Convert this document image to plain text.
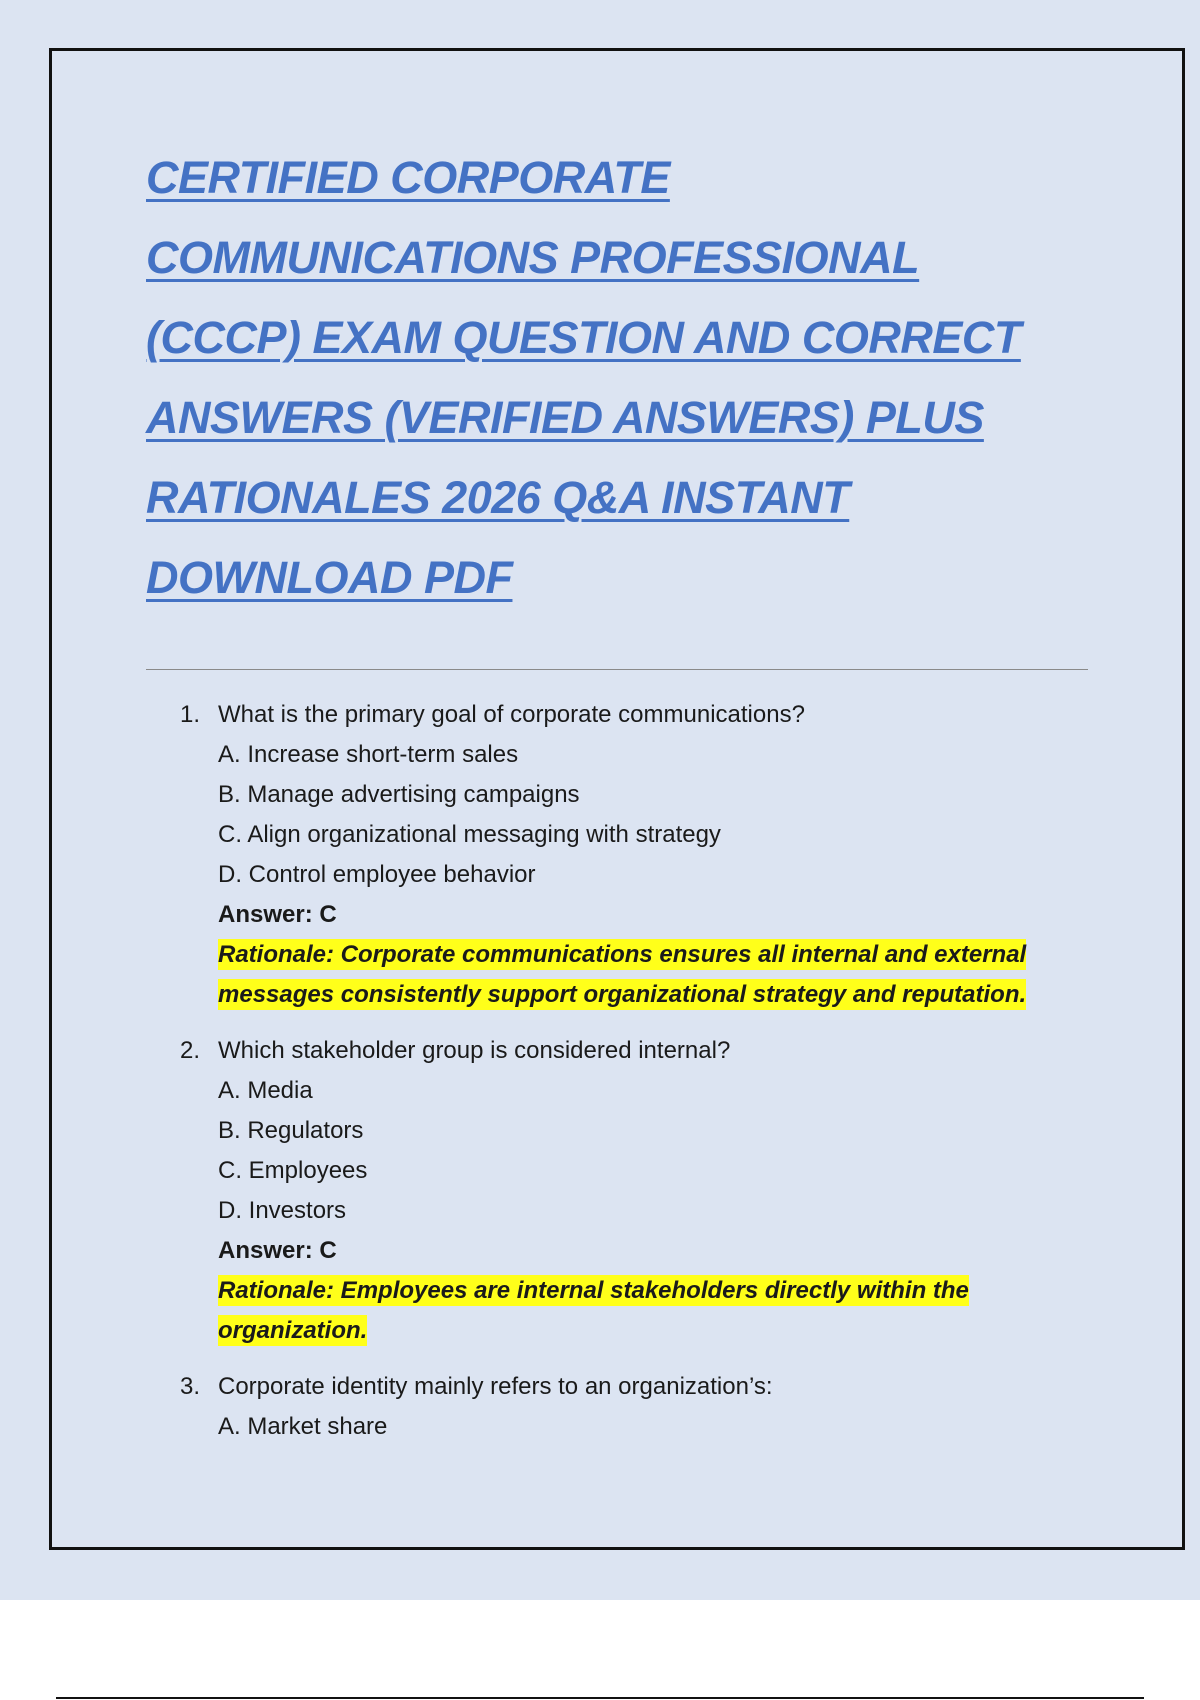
CERTIFIED CORPORATE
COMMUNICATIONS PROFESSIONAL
(CCCP) EXAM QUESTION AND CORRECT
ANSWERS (VERIFIED ANSWERS) PLUS
RATIONALES 2026 Q&A INSTANT
DOWNLOAD PDF
1. What is the primary goal of corporate communications?
A. Increase short-term sales
B. Manage advertising campaigns
C. Align organizational messaging with strategy
D. Control employee behavior
Answer: C
Rationale: Corporate communications ensures all internal and external messages consistently support organizational strategy and reputation.
2. Which stakeholder group is considered internal?
A. Media
B. Regulators
C. Employees
D. Investors
Answer: C
Rationale: Employees are internal stakeholders directly within the organization.
3. Corporate identity mainly refers to an organization’s:
A. Market share
